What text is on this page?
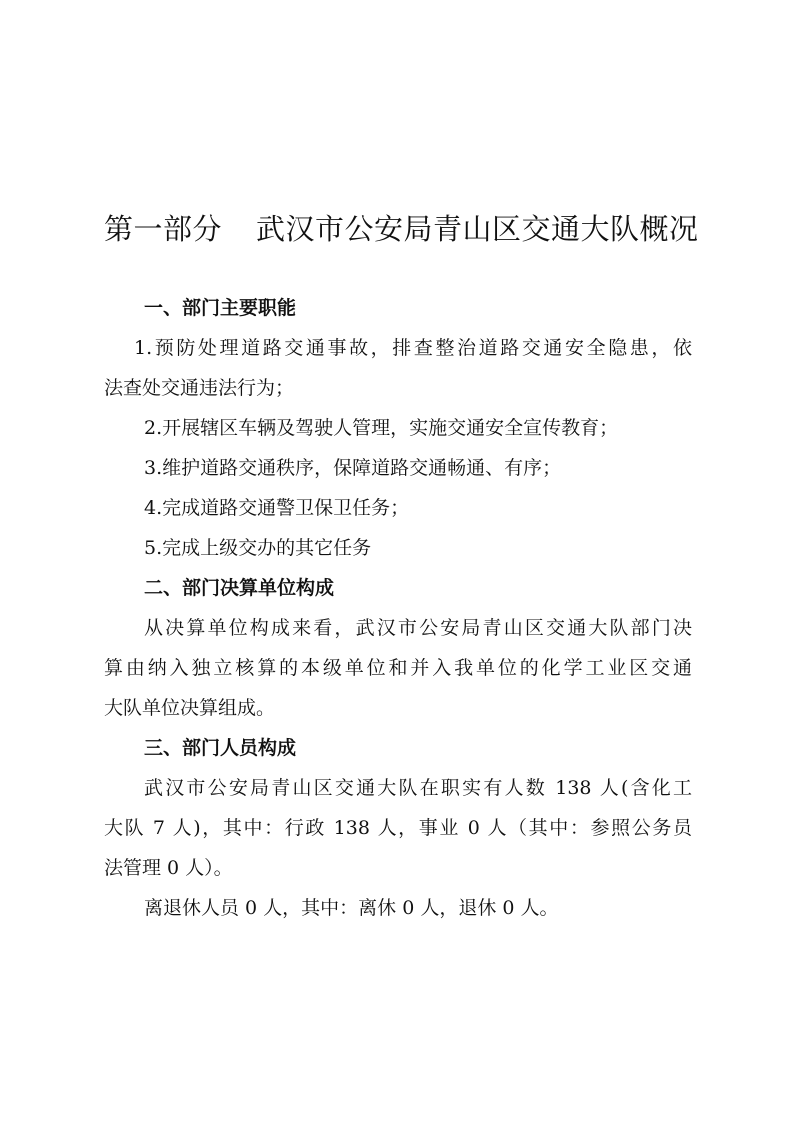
第一部分 武汉市公安局青山区交通大队概况
一、部门主要职能
1.预防处理道路交通事故，排查整治道路交通安全隐患，依
法查处交通违法行为；
2.开展辖区车辆及驾驶人管理，实施交通安全宣传教育；
3.维护道路交通秩序，保障道路交通畅通、有序；
4.完成道路交通警卫保卫任务；
5.完成上级交办的其它任务
二、部门决算单位构成
从决算单位构成来看，武汉市公安局青山区交通大队部门决
算由纳入独立核算的本级单位和并入我单位的化学工业区交通
大队单位决算组成。
三、部门人员构成
武汉市公安局青山区交通大队在职实有人数 138 人(含化工
大队 7 人)，其中：行政 138 人，事业 0 人（其中：参照公务员
法管理 0 人）。
离退休人员 0 人，其中：离休 0 人，退休 0 人。
